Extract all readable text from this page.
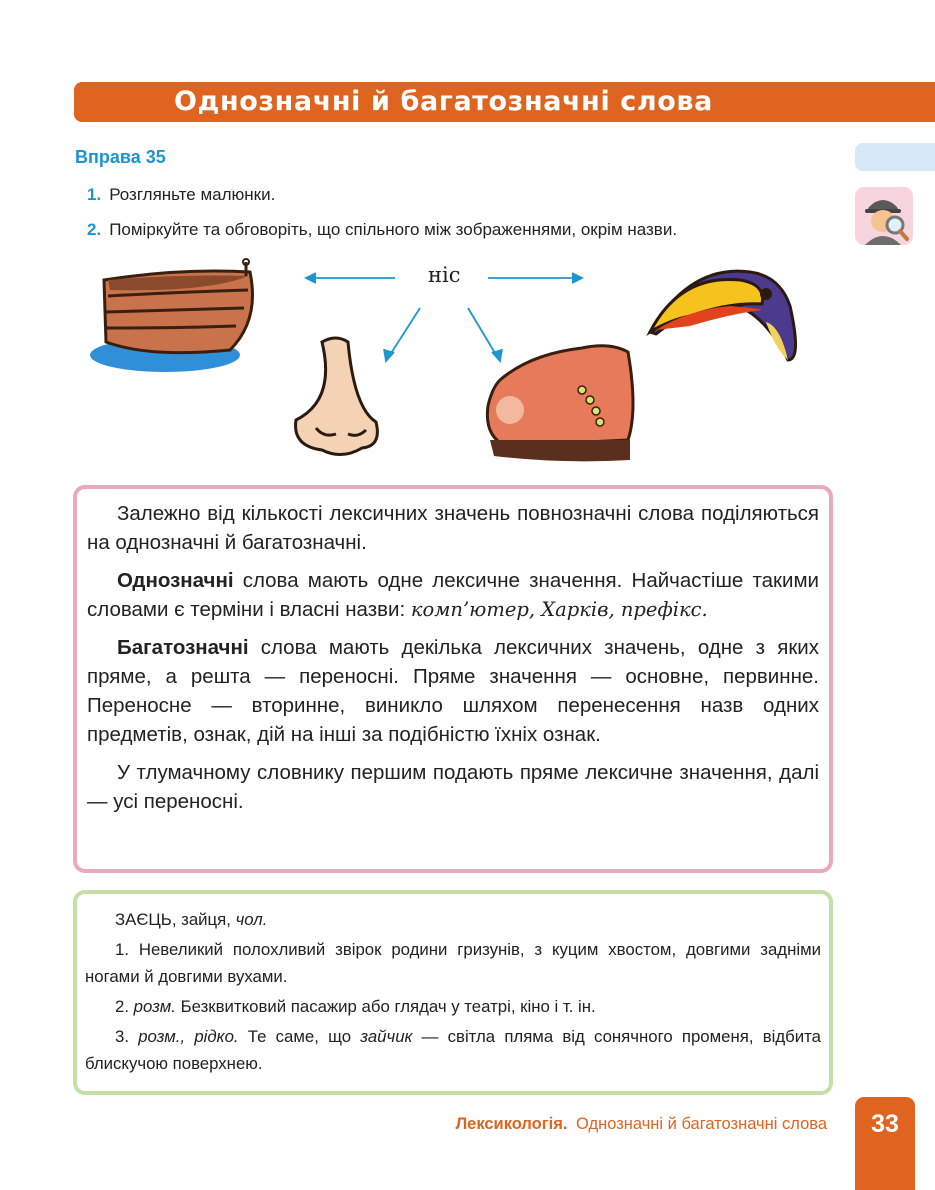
Однозначні й багатозначні слова
Вправа 35
1. Розгляньте малюнки.
2. Поміркуйте та обговоріть, що спільного між зображеннями, окрім назви.
ніс

Залежно від кількості лексичних значень повнозначні слова поділяються на однозначні й багатозначні.

Однозначні слова мають одне лексичне значення. Найчастіше такими словами є терміни і власні назви: комп’ютер, Харків, префікс.

Багатозначні слова мають декілька лексичних значень, одне з яких пряме, а решта — переносні. Пряме значення — основне, первинне. Переносне — вторинне, виникло шляхом перенесення назв одних предметів, ознак, дій на інші за подібністю їхніх ознак.

У тлумачному словнику першим подають пряме лексичне значення, далі — усі переносні.

ЗАЄЦЬ, зайця, чол.

1. Невеликий полохливий звірок родини гризунів, з куцим хвостом, довгими задніми ногами й довгими вухами.

2. розм. Безквитковий пасажир або глядач у театрі, кіно і т. ін.

3. розм., рідко. Те саме, що зайчик — світла пляма від сонячного променя, відбита блискучою поверхнею.

Лексикологія. Однозначні й багатозначні слова	33
